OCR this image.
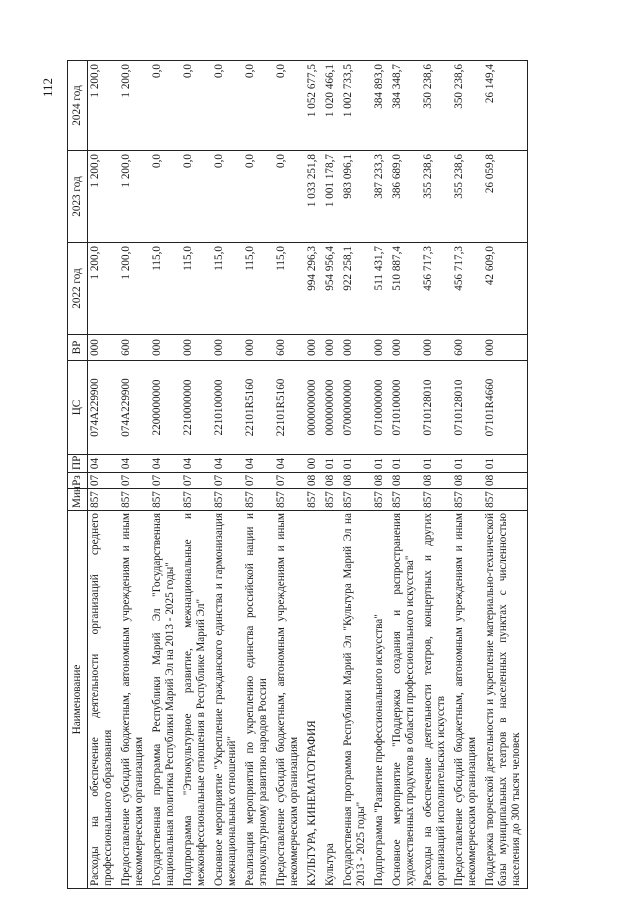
112
Наименование	Мин	Рз	ПР	ЦС	ВР	2022 год	2023 год	2024 год
Расходы на обеспечение деятельности организаций среднего профессионального образования	857	07	04	074A229900	000	1 200,0	1 200,0	1 200,0
Предоставление субсидий бюджетным, автономным учреждениям и иным некоммерческим организациям	857	07	04	074A229900	600	1 200,0	1 200,0	1 200,0
Государственная программа Республики Марий Эл "Государственная национальная политика Республики Марий Эл на 2013 - 2025 годы"	857	07	04	2200000000	000	115,0	0,0	0,0
Подпрограмма "Этнокультурное развитие, межнациональные и межконфессиональные отношения в Республике Марий Эл"	857	07	04	2210000000	000	115,0	0,0	0,0
Основное мероприятие "Укрепление гражданского единства и гармонизация межнациональных отношений"	857	07	04	2210100000	000	115,0	0,0	0,0
Реализация мероприятий по укреплению единства российской нации и этнокультурному развитию народов России	857	07	04	22101R5160	000	115,0	0,0	0,0
Предоставление субсидий бюджетным, автономным учреждениям и иным некоммерческим организациям	857	07	04	22101R5160	600	115,0	0,0	0,0
КУЛЬТУРА, КИНЕМАТОГРАФИЯ	857	08	00	0000000000	000	994 296,3	1 033 251,8	1 052 677,5
Культура	857	08	01	0000000000	000	954 956,4	1 001 178,7	1 020 466,1
Государственная программа Республики Марий Эл "Культура Марий Эл на 2013 - 2025 годы"	857	08	01	0700000000	000	922 258,1	983 096,1	1 002 733,5
Подпрограмма "Развитие профессионального искусства"	857	08	01	0710000000	000	511 431,7	387 233,3	384 893,0
Основное мероприятие "Поддержка создания и распространения художественных продуктов в области профессионального искусства"	857	08	01	0710100000	000	510 887,4	386 689,0	384 348,7
Расходы на обеспечение деятельности театров, концертных и других организаций исполнительских искусств	857	08	01	0710128010	000	456 717,3	355 238,6	350 238,6
Предоставление субсидий бюджетным, автономным учреждениям и иным некоммерческим организациям	857	08	01	0710128010	600	456 717,3	355 238,6	350 238,6
Поддержка творческой деятельности и укрепление материально-технической базы муниципальных театров в населенных пунктах с численностью населения до 300 тысяч человек	857	08	01	07101R4660	000	42 609,0	26 059,8	26 149,4
